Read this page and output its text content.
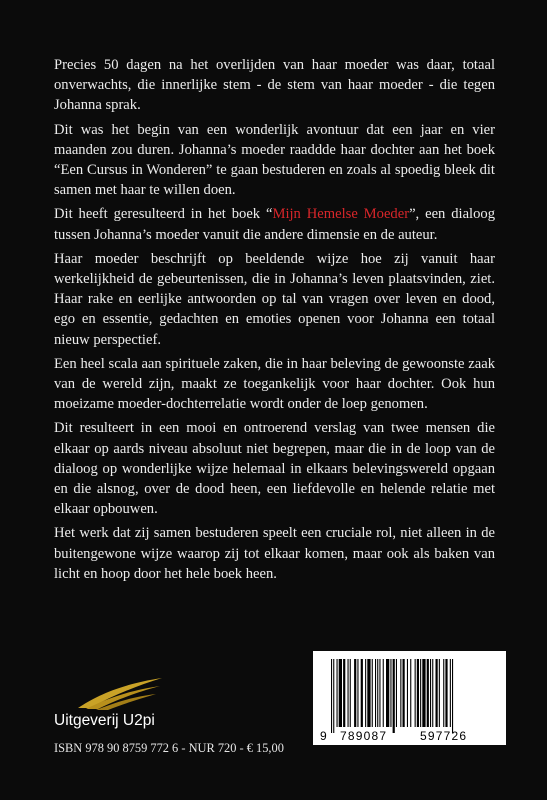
Precies 50 dagen na het overlijden van haar moeder was daar, totaal onverwachts, die innerlijke stem - de stem van haar moeder - die tegen Johanna sprak.

Dit was het begin van een wonderlijk avontuur dat een jaar en vier maanden zou duren. Johanna’s moeder raaddde haar dochter aan het boek “Een Cursus in Wonderen” te gaan bestuderen en zoals al spoedig bleek dit samen met haar te willen doen.

Dit heeft geresulteerd in het boek “Mijn Hemelse Moeder”, een dialoog tussen Johanna’s moeder vanuit die andere dimensie en de auteur.

Haar moeder beschrijft op beeldende wijze hoe zij vanuit haar werkelijkheid de gebeurtenissen, die in Johanna’s leven plaatsvinden, ziet. Haar rake en eerlijke antwoorden op tal van vragen over leven en dood, ego en essentie, gedachten en emoties openen voor Johanna een totaal nieuw perspectief.

Een heel scala aan spirituele zaken, die in haar beleving de gewoonste zaak van de wereld zijn, maakt ze toegankelijk voor haar dochter. Ook hun moeizame moeder-dochterrelatie wordt onder de loep genomen.

Dit resulteert in een mooi en ontroerend verslag van twee mensen die elkaar op aards niveau absoluut niet begrepen, maar die in de loop van de dialoog op wonderlijke wijze helemaal in elkaars belevingswereld opgaan en die alsnog, over de dood heen, een liefdevolle en helende relatie met elkaar opbouwen.

Het werk dat zij samen bestuderen speelt een cruciale rol, niet alleen in de buitengewone wijze waarop zij tot elkaar komen, maar ook als baken van licht en hoop door het hele boek heen.

Uitgeverij U2pi
ISBN 978 90 8759 772 6 - NUR 720 - € 15,00
9 789087	597726
